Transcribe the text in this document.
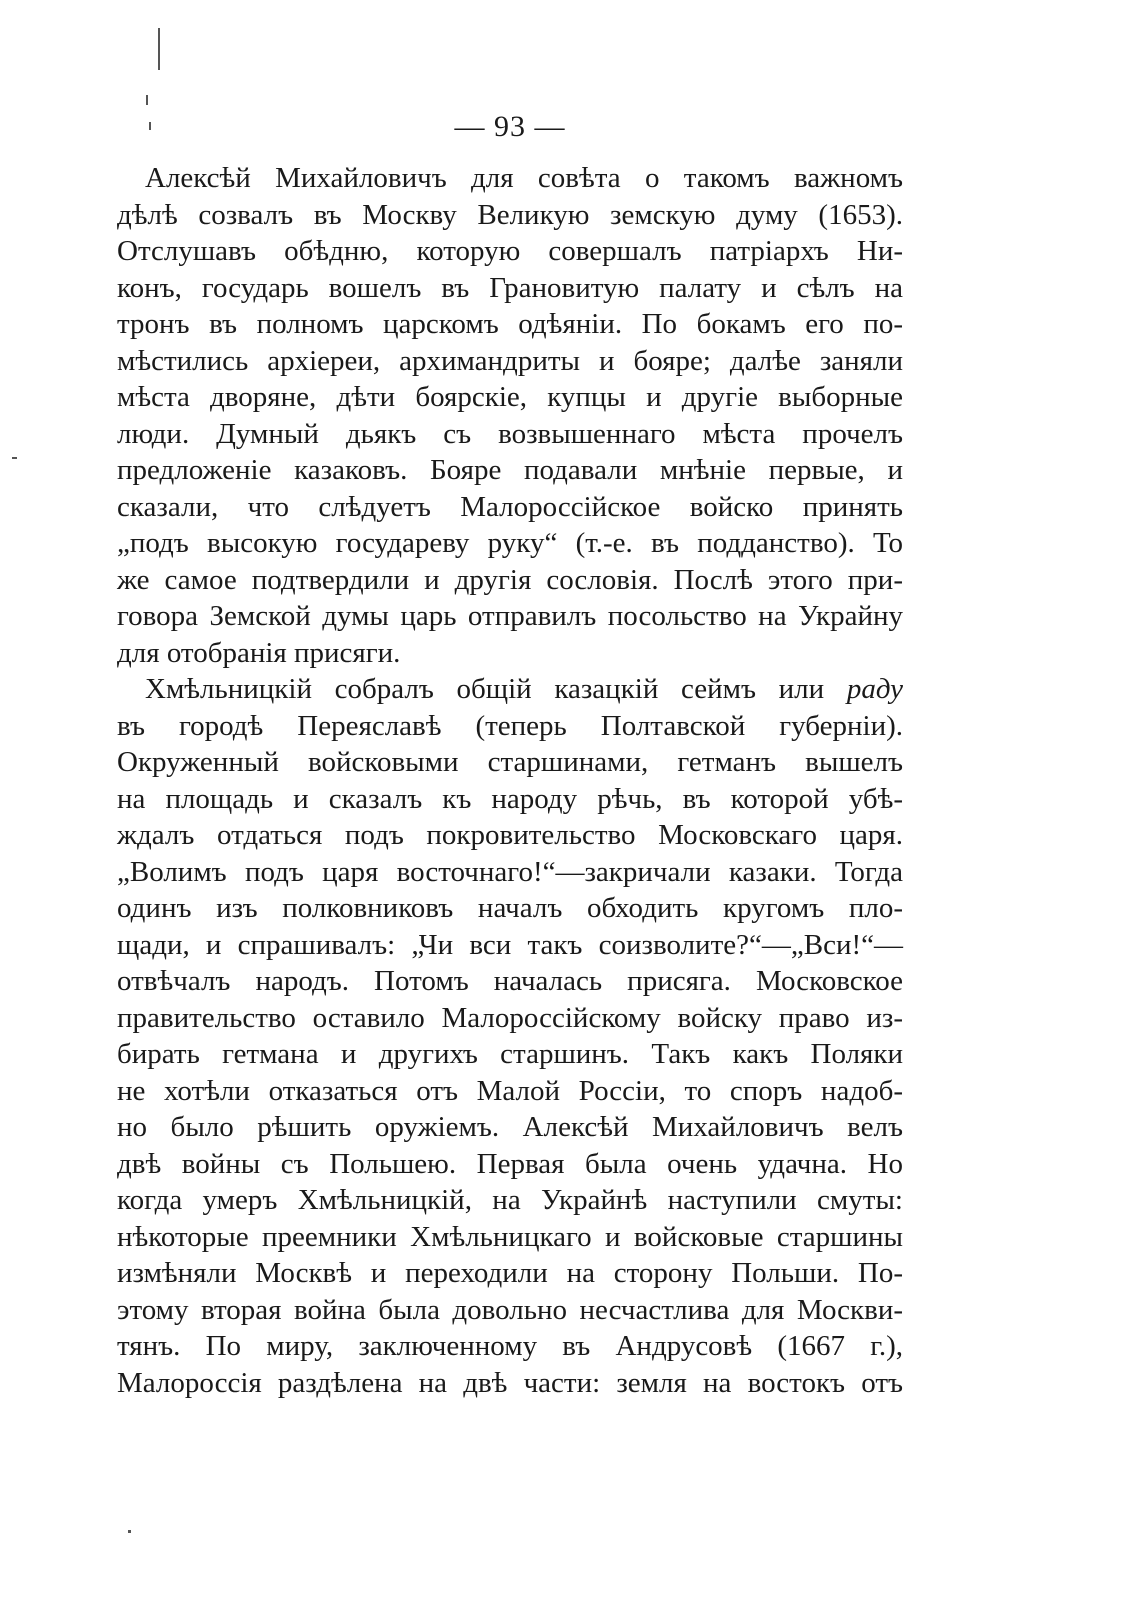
— 93 —
Алексѣй Михайловичъ для совѣта о такомъ важномъ
дѣлѣ созвалъ въ Москву Великую земскую думу (1653).
Отслушавъ обѣдню, которую совершалъ патріархъ Ни-
конъ, государь вошелъ въ Грановитую палату и сѣлъ на
тронъ въ полномъ царскомъ одѣяніи. По бокамъ его по-
мѣстились архіереи, архимандриты и бояре; далѣе заняли
мѣста дворяне, дѣти боярскіе, купцы и другіе выборные
люди. Думный дьякъ съ возвышеннаго мѣста прочелъ
предложеніе казаковъ. Бояре подавали мнѣніе первые, и
сказали, что слѣдуетъ Малороссійское войско принять
„подъ высокую государеву руку“ (т.-е. въ подданство). То
же самое подтвердили и другія сословія. Послѣ этого при-
говора Земской думы царь отправилъ посольство на Украйну
для отобранія присяги.
Хмѣльницкій собралъ общій казацкій сеймъ или раду
въ городѣ Переяславѣ (теперь Полтавской губерніи).
Окруженный войсковыми старшинами, гетманъ вышелъ
на площадь и сказалъ къ народу рѣчь, въ которой убѣ-
ждалъ отдаться подъ покровительство Московскаго царя.
„Волимъ подъ царя восточнаго!“—закричали казаки. Тогда
одинъ изъ полковниковъ началъ обходить кругомъ пло-
щади, и спрашивалъ: „Чи вси такъ соизволите?“—„Вси!“—
отвѣчалъ народъ. Потомъ началась присяга. Московское
правительство оставило Малороссійскому войску право из-
бирать гетмана и другихъ старшинъ. Такъ какъ Поляки
не хотѣли отказаться отъ Малой Россіи, то споръ надоб-
но было рѣшить оружіемъ. Алексѣй Михайловичъ велъ
двѣ войны съ Польшею. Первая была очень удачна. Но
когда умеръ Хмѣльницкій, на Украйнѣ наступили смуты:
нѣкоторые преемники Хмѣльницкаго и войсковые старшины
измѣняли Москвѣ и переходили на сторону Польши. По-
этому вторая война была довольно несчастлива для Москви-
тянъ. По миру, заключенному въ Андрусовѣ (1667 г.),
Малороссія раздѣлена на двѣ части: земля на востокъ отъ
